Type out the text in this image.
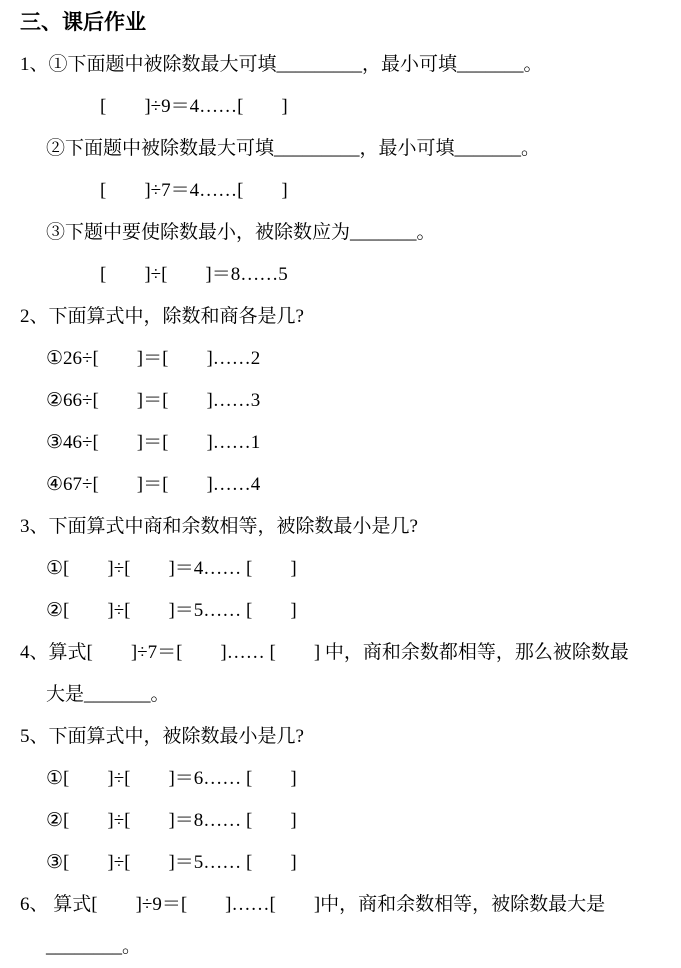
三、课后作业

1、①下面题中被除数最大可填_________，最小可填_______。

[　　]÷9＝4……[　　]

②下面题中被除数最大可填_________，最小可填_______。

[　　]÷7＝4……[　　]

③下题中要使除数最小，被除数应为_______。

[　　]÷[　　]＝8……5

2、下面算式中，除数和商各是几?

①26÷[　　]＝[　　]……2

②66÷[　　]＝[　　]……3

③46÷[　　]＝[　　]……1

④67÷[　　]＝[　　]……4

3、下面算式中商和余数相等，被除数最小是几?

①[　　]÷[　　]＝4…… [　　]

②[　　]÷[　　]＝5…… [　　]

4、算式[　　]÷7＝[　　]…… [　　] 中，商和余数都相等，那么被除数最

大是_______。

5、下面算式中，被除数最小是几?

①[　　]÷[　　]＝6…… [　　]

②[　　]÷[　　]＝8…… [　　]

③[　　]÷[　　]＝5…… [　　]

6、 算式[　　]÷9＝[　　]……[　　]中，商和余数相等，被除数最大是

________。
